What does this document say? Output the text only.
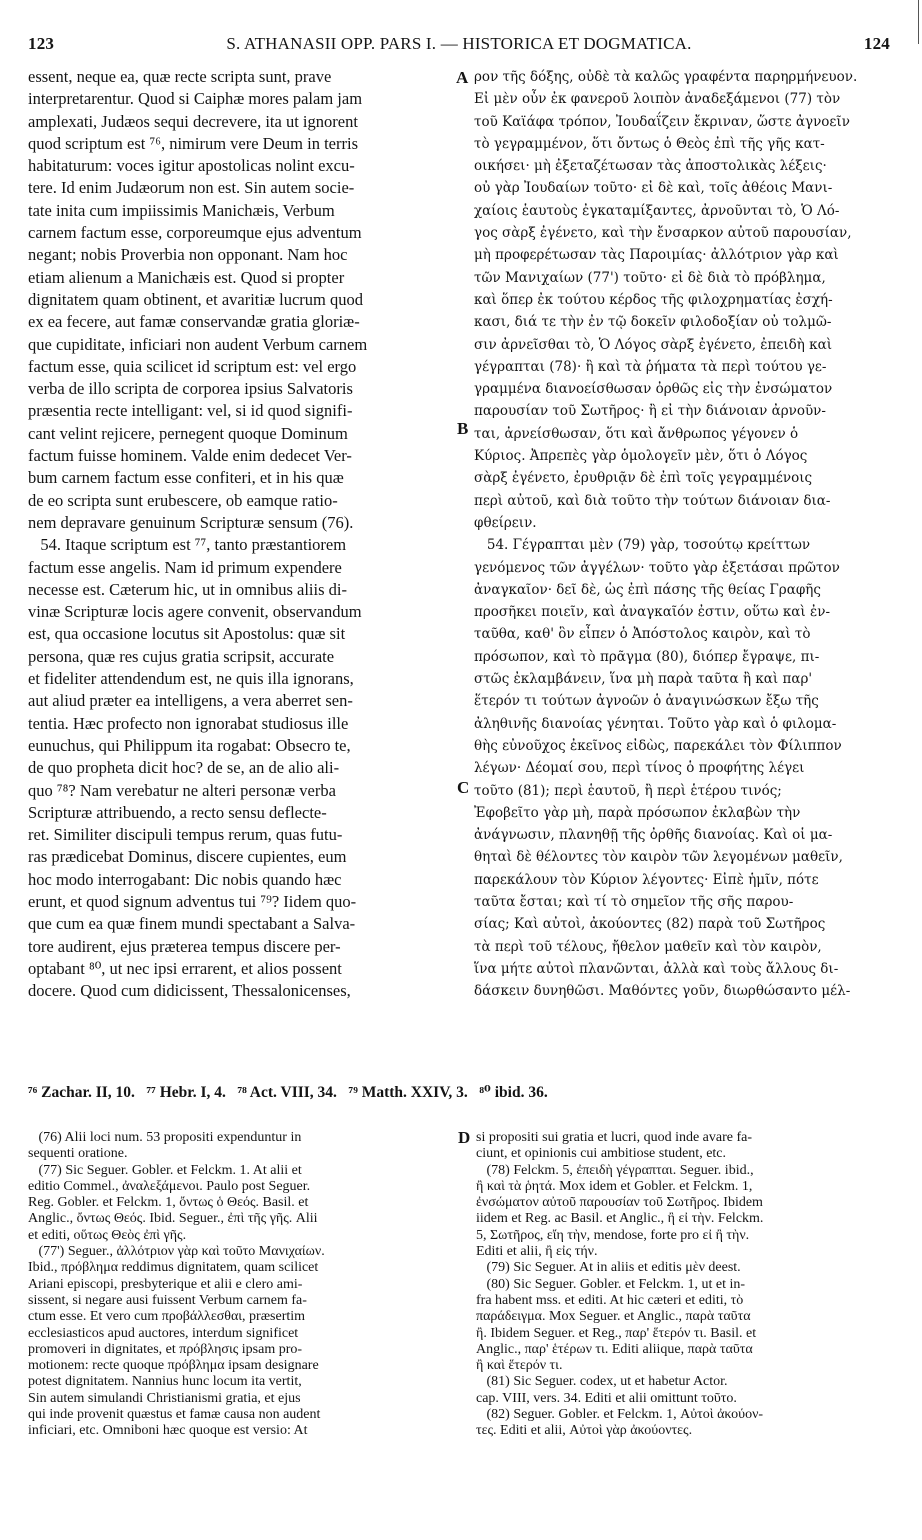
123	S. ATHANASII OPP. PARS I. — HISTORICA ET DOGMATICA.	124
essent, neque ea, quæ recte scripta sunt, prave
interpretarentur. Quod si Caiphæ mores palam jam
amplexati, Judæos sequi decrevere, ita ut ignorent
quod scriptum est ⁷⁶, nimirum vere Deum in terris
habitaturum: voces igitur apostolicas nolint excu-
tere. Id enim Judæorum non est. Sin autem socie-
tate inita cum impiissimis Manichæis, Verbum
carnem factum esse, corporeumque ejus adventum
negant; nobis Proverbia non opponant. Nam hoc
etiam alienum a Manichæis est. Quod si propter
dignitatem quam obtinent, et avaritiæ lucrum quod
ex ea fecere, aut famæ conservandæ gratia gloriæ-
que cupiditate, inficiari non audent Verbum carnem
factum esse, quia scilicet id scriptum est: vel ergo
verba de illo scripta de corporea ipsius Salvatoris
præsentia recte intelligant: vel, si id quod signifi-
cant velint rejicere, pernegent quoque Dominum
factum fuisse hominem. Valde enim dedecet Ver-
bum carnem factum esse confiteri, et in his quæ
de eo scripta sunt erubescere, ob eamque ratio-
nem depravare genuinum Scripturæ sensum (76).
54. Itaque scriptum est ⁷⁷, tanto præstantiorem
factum esse angelis. Nam id primum expendere
necesse est. Cæterum hic, ut in omnibus aliis di-
vinæ Scripturæ locis agere convenit, observandum
est, qua occasione locutus sit Apostolus: quæ sit
persona, quæ res cujus gratia scripsit, accurate
et fideliter attendendum est, ne quis illa ignorans,
aut aliud præter ea intelligens, a vera aberret sen-
tentia. Hæc profecto non ignorabat studiosus ille
eunuchus, qui Philippum ita rogabat: Obsecro te,
de quo propheta dicit hoc? de se, an de alio ali-
quo ⁷⁸? Nam verebatur ne alteri personæ verba
Scripturæ attribuendo, a recto sensu deflecte-
ret. Similiter discipuli tempus rerum, quas futu-
ras prædicebat Dominus, discere cupientes, eum
hoc modo interrogabant: Dic nobis quando hæc
erunt, et quod signum adventus tui ⁷⁹? Iidem quo-
que cum ea quæ finem mundi spectabant a Salva-
tore audirent, ejus præterea tempus discere per-
optabant ⁸⁰, ut nec ipsi errarent, et alios possent
docere. Quod cum didicissent, Thessalonicenses,
ρον τῆς δόξης, οὐδὲ τὰ καλῶς γραφέντα παρηρμήνευον.
Εἰ μὲν οὖν ἐκ φανεροῦ λοιπὸν ἀναδεξάμενοι (77) τὸν
τοῦ Καϊάφα τρόπον, Ἰουδαΐζειν ἔκριναν, ὥστε ἀγνοεῖν
τὸ γεγραμμένον, ὅτι ὄντως ὁ Θεὸς ἐπὶ τῆς γῆς κατ-
οικήσει· μὴ ἐξεταζέτωσαν τὰς ἀποστολικὰς λέξεις·
οὐ γὰρ Ἰουδαίων τοῦτο· εἰ δὲ καὶ, τοῖς ἀθέοις Μανι-
χαίοις ἑαυτοὺς ἐγκαταμίξαντες, ἀρνοῦνται τὸ, Ὁ Λό-
γος σὰρξ ἐγένετο, καὶ τὴν ἔνσαρκον αὐτοῦ παρουσίαν,
μὴ προφερέτωσαν τὰς Παροιμίας· ἀλλότριον γὰρ καὶ
τῶν Μανιχαίων (77') τοῦτο· εἰ δὲ διὰ τὸ πρόβλημα,
καὶ ὅπερ ἐκ τούτου κέρδος τῆς φιλοχρηματίας ἐσχή-
κασι, διά τε τὴν ἐν τῷ δοκεῖν φιλοδοξίαν οὐ τολμῶ-
σιν ἀρνεῖσθαι τὸ, Ὁ Λόγος σὰρξ ἐγένετο, ἐπειδὴ καὶ
γέγραπται (78)· ἢ καὶ τὰ ῥήματα τὰ περὶ τούτου γε-
γραμμένα διανοείσθωσαν ὀρθῶς εἰς τὴν ἐνσώματον
παρουσίαν τοῦ Σωτῆρος· ἢ εἰ τὴν διάνοιαν ἀρνοῦν-
ται, ἀρνείσθωσαν, ὅτι καὶ ἄνθρωπος γέγονεν ὁ
Κύριος. Ἀπρεπὲς γὰρ ὁμολογεῖν μὲν, ὅτι ὁ Λόγος
σὰρξ ἐγένετο, ἐρυθριᾷν δὲ ἐπὶ τοῖς γεγραμμένοις
περὶ αὐτοῦ, καὶ διὰ τοῦτο τὴν τούτων διάνοιαν δια-
φθείρειν.
54. Γέγραπται μὲν (79) γὰρ, τοσούτῳ κρείττων
γενόμενος τῶν ἀγγέλων· τοῦτο γὰρ ἐξετάσαι πρῶτον
ἀναγκαῖον· δεῖ δὲ, ὡς ἐπὶ πάσης τῆς θείας Γραφῆς
προσῆκει ποιεῖν, καὶ ἀναγκαῖόν ἐστιν, οὕτω καὶ ἐν-
ταῦθα, καθ' ὃν εἶπεν ὁ Ἀπόστολος καιρὸν, καὶ τὸ
πρόσωπον, καὶ τὸ πρᾶγμα (80), διόπερ ἔγραψε, πι-
στῶς ἐκλαμβάνειν, ἵνα μὴ παρὰ ταῦτα ἢ καὶ παρ'
ἕτερόν τι τούτων ἀγνοῶν ὁ ἀναγινώσκων ἔξω τῆς
ἀληθινῆς διανοίας γένηται. Τοῦτο γὰρ καὶ ὁ φιλομα-
θὴς εὐνοῦχος ἐκεῖνος εἰδὼς, παρεκάλει τὸν Φίλιππον
λέγων· Δέομαί σου, περὶ τίνος ὁ προφήτης λέγει
τοῦτο (81); περὶ ἑαυτοῦ, ἢ περὶ ἑτέρου τινός;
Ἐφοβεῖτο γὰρ μὴ, παρὰ πρόσωπον ἐκλαβὼν τὴν
ἀνάγνωσιν, πλανηθῇ τῆς ὀρθῆς διανοίας. Καὶ οἱ μα-
θηταὶ δὲ θέλοντες τὸν καιρὸν τῶν λεγομένων μαθεῖν,
παρεκάλουν τὸν Κύριον λέγοντες· Εἰπὲ ἡμῖν, πότε
ταῦτα ἔσται; καὶ τί τὸ σημεῖον τῆς σῆς παρου-
σίας; Καὶ αὐτοὶ, ἀκούοντες (82) παρὰ τοῦ Σωτῆρος
τὰ περὶ τοῦ τέλους, ἤθελον μαθεῖν καὶ τὸν καιρὸν,
ἵνα μήτε αὐτοὶ πλανῶνται, ἀλλὰ καὶ τοὺς ἄλλους δι-
δάσκειν δυνηθῶσι. Μαθόντες γοῦν, διωρθώσαντο μέλ-
A
B
C
D
⁷⁶ Zachar. II, 10.   ⁷⁷ Hebr. I, 4.   ⁷⁸ Act. VIII, 34.   ⁷⁹ Matth. XXIV, 3.   ⁸⁰ ibid. 36.
(76) Alii loci num. 53 propositi expenduntur in
sequenti oratione.
(77) Sic Seguer. Gobler. et Felckm. 1. At alii et
editio Commel., ἀναλεξάμενοι. Paulo post Seguer.
Reg. Gobler. et Felckm. 1, ὄντως ὁ Θεός. Basil. et
Anglic., ὄντως Θεός. Ibid. Seguer., ἐπὶ τῆς γῆς. Alii
et editi, οὕτως Θεὸς ἐπὶ γῆς.
(77') Seguer., ἀλλότριον γὰρ καὶ τοῦτο Μανιχαίων.
Ibid., πρόβλημα reddimus dignitatem, quam scilicet
Ariani episcopi, presbyterique et alii e clero ami-
sissent, si negare ausi fuissent Verbum carnem fa-
ctum esse. Et vero cum προβάλλεσθαι, præsertim
ecclesiasticos apud auctores, interdum significet
promoveri in dignitates, et πρόβλησις ipsam pro-
motionem: recte quoque πρόβλημα ipsam designare
potest dignitatem. Nannius hunc locum ita vertit,
Sin autem simulandi Christianismi gratia, et ejus
qui inde provenit quæstus et famæ causa non audent
inficiari, etc. Omniboni hæc quoque est versio: At
si propositi sui gratia et lucri, quod inde avare fa-
ciunt, et opinionis cui ambitiose student, etc.
(78) Felckm. 5, ἐπειδὴ γέγραπται. Seguer. ibid.,
ἢ καὶ τὰ ῥητά. Mox idem et Gobler. et Felckm. 1,
ἐνσώματον αὐτοῦ παρουσίαν τοῦ Σωτῆρος. Ibidem
iidem et Reg. ac Basil. et Anglic., ἢ εἰ τὴν. Felckm.
5, Σωτῆρος, εἴη τὴν, mendose, forte pro εἰ ἢ τὴν.
Editi et alii, ἢ εἰς τήν.
(79) Sic Seguer. At in aliis et editis μὲν deest.
(80) Sic Seguer. Gobler. et Felckm. 1, ut et in-
fra habent mss. et editi. At hic cæteri et editi, τὸ
παράδειγμα. Mox Seguer. et Anglic., παρὰ ταῦτα
ἢ. Ibidem Seguer. et Reg., παρ' ἕτερόν τι. Basil. et
Anglic., παρ' ἑτέρων τι. Editi aliique, παρὰ ταῦτα
ἢ καὶ ἕτερόν τι.
(81) Sic Seguer. codex, ut et habetur Actor.
cap. VIII, vers. 34. Editi et alii omittunt τοῦτο.
(82) Seguer. Gobler. et Felckm. 1, Αὐτοὶ ἀκούον-
τες. Editi et alii, Αὐτοὶ γὰρ ἀκούοντες.
